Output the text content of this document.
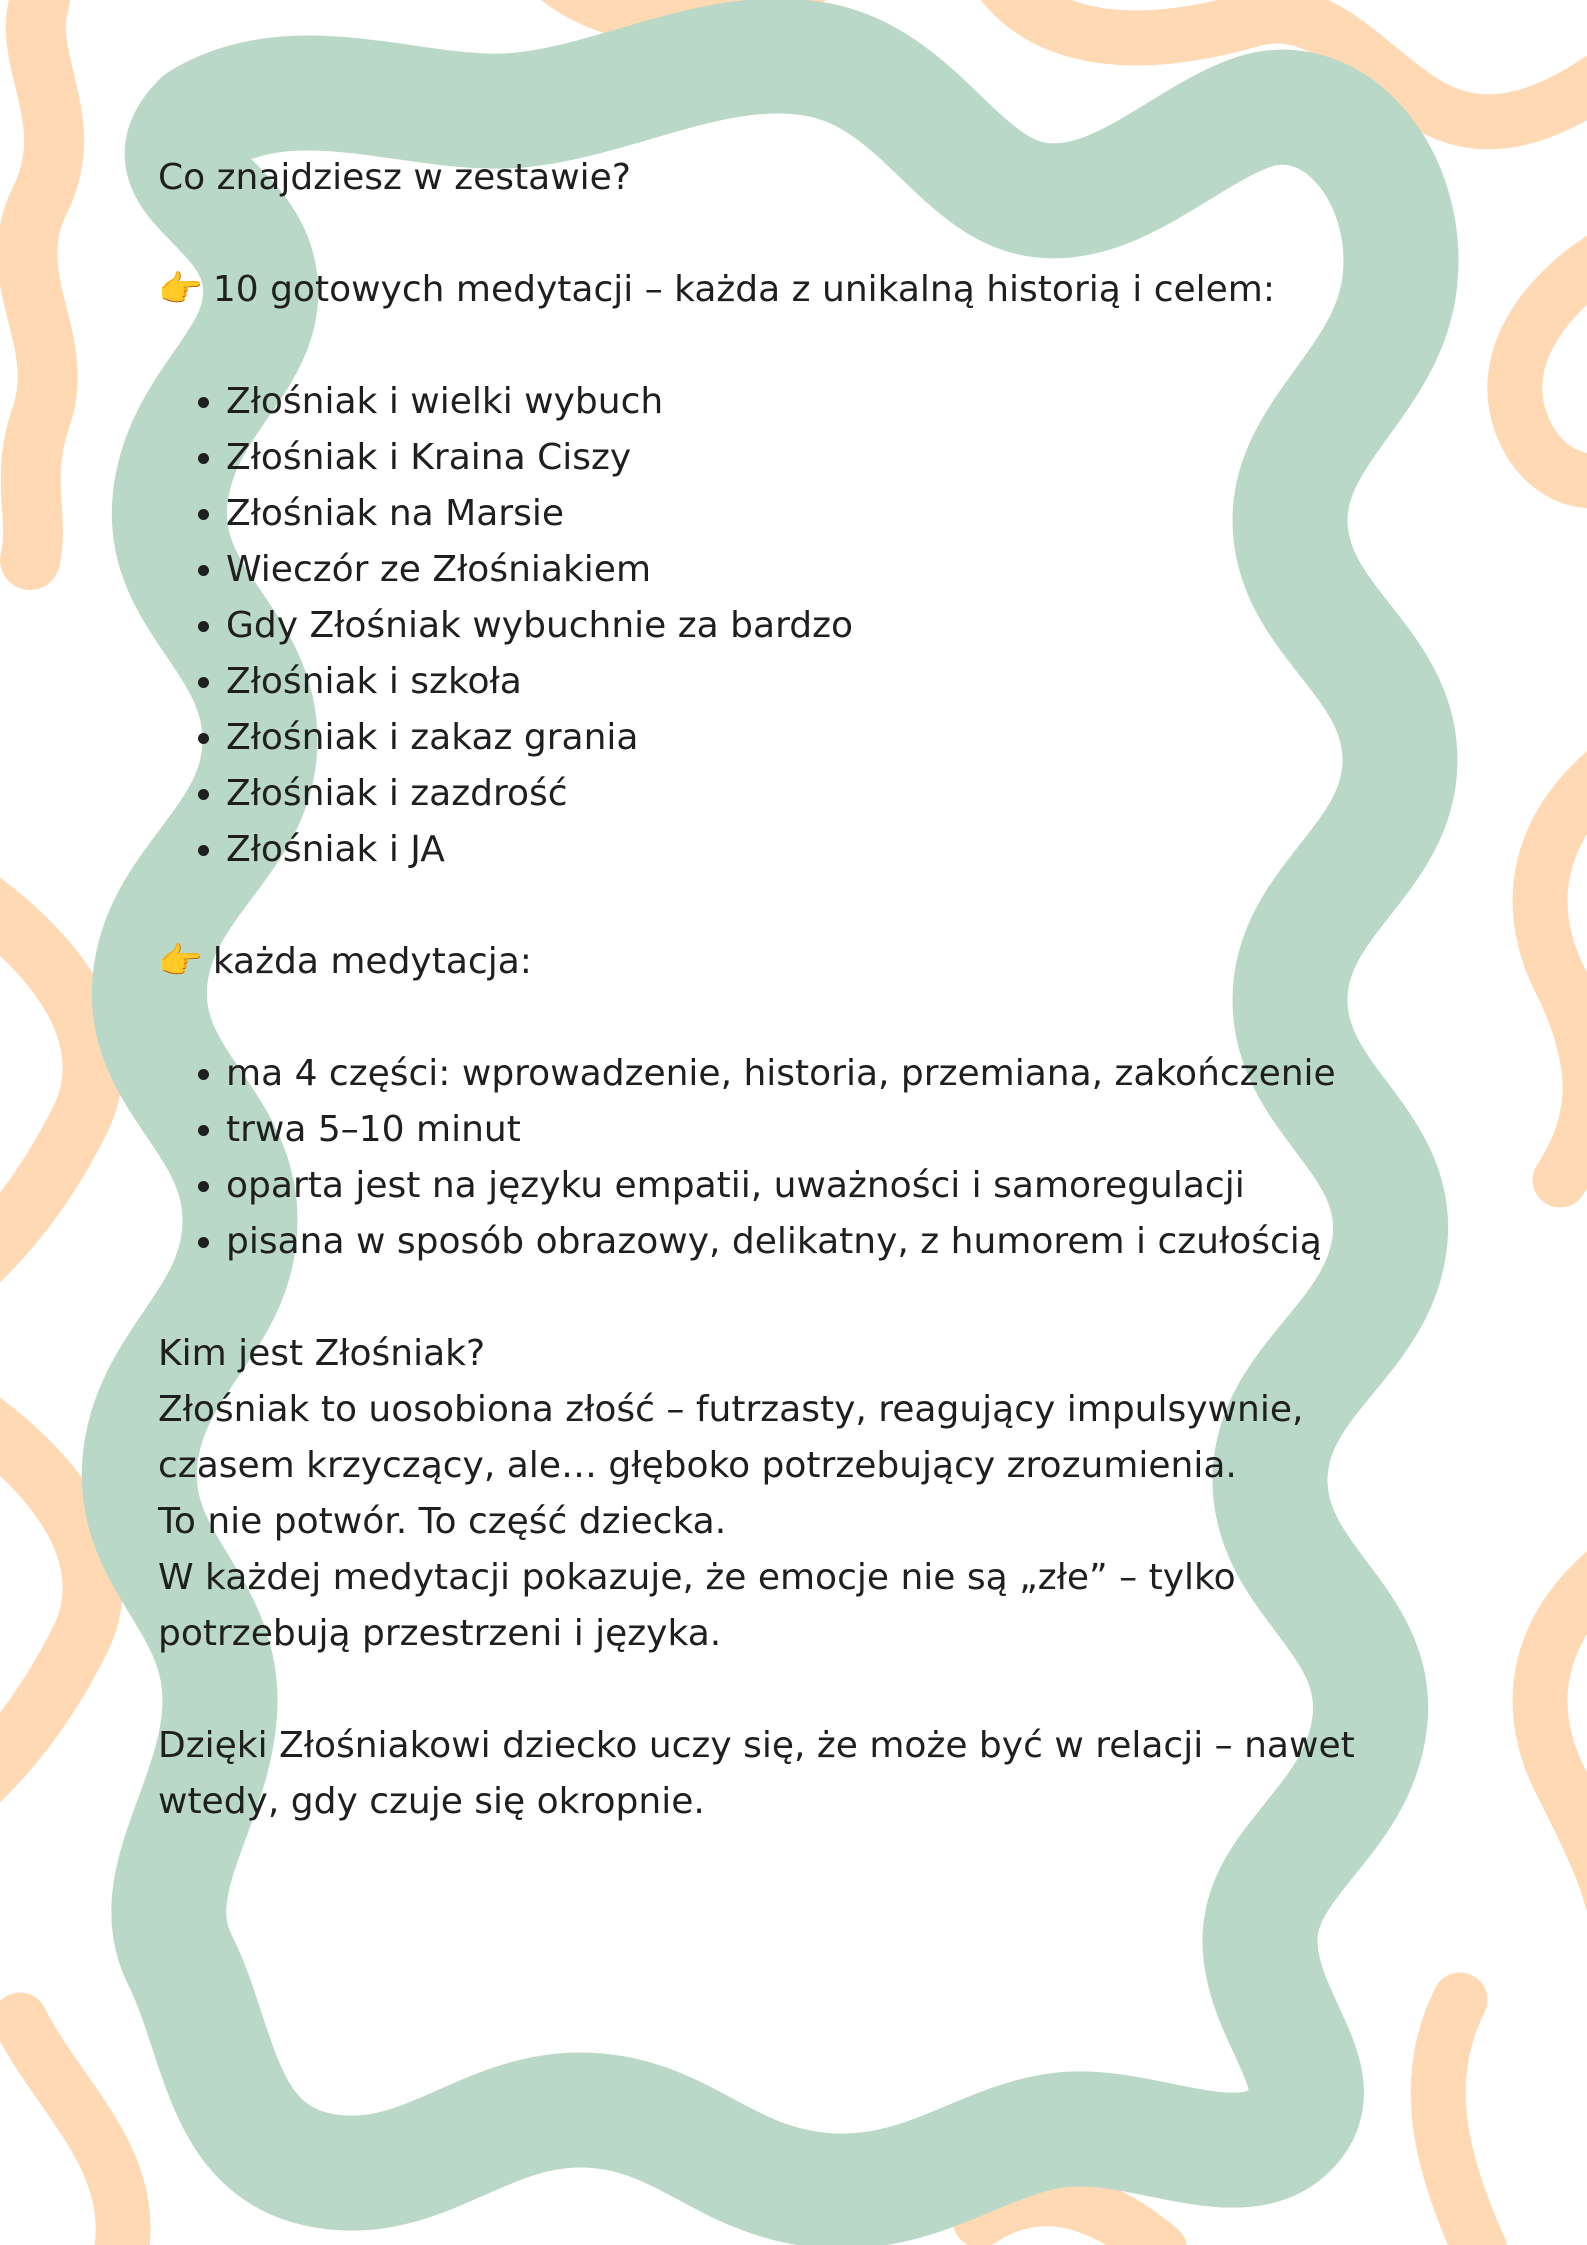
Co znajdziesz w zestawie?

👉 10 gotowych medytacji – każda z unikalną historią i celem:

• Złośniak i wielki wybuch
• Złośniak i Kraina Ciszy
• Złośniak na Marsie
• Wieczór ze Złośniakiem
• Gdy Złośniak wybuchnie za bardzo
• Złośniak i szkoła
• Złośniak i zakaz grania
• Złośniak i zazdrość
• Złośniak i JA

👉 każda medytacja:

• ma 4 części: wprowadzenie, historia, przemiana, zakończenie
• trwa 5–10 minut
• oparta jest na języku empatii, uważności i samoregulacji
• pisana w sposób obrazowy, delikatny, z humorem i czułością

Kim jest Złośniak?

Złośniak to uosobiona złość – futrzasty, reagujący impulsywnie, czasem krzyczący, ale… głęboko potrzebujący zrozumienia.

To nie potwór. To część dziecka.

W każdej medytacji pokazuje, że emocje nie są „złe” – tylko potrzebują przestrzeni i języka.

Dzięki Złośniakowi dziecko uczy się, że może być w relacji – nawet wtedy, gdy czuje się okropnie.
